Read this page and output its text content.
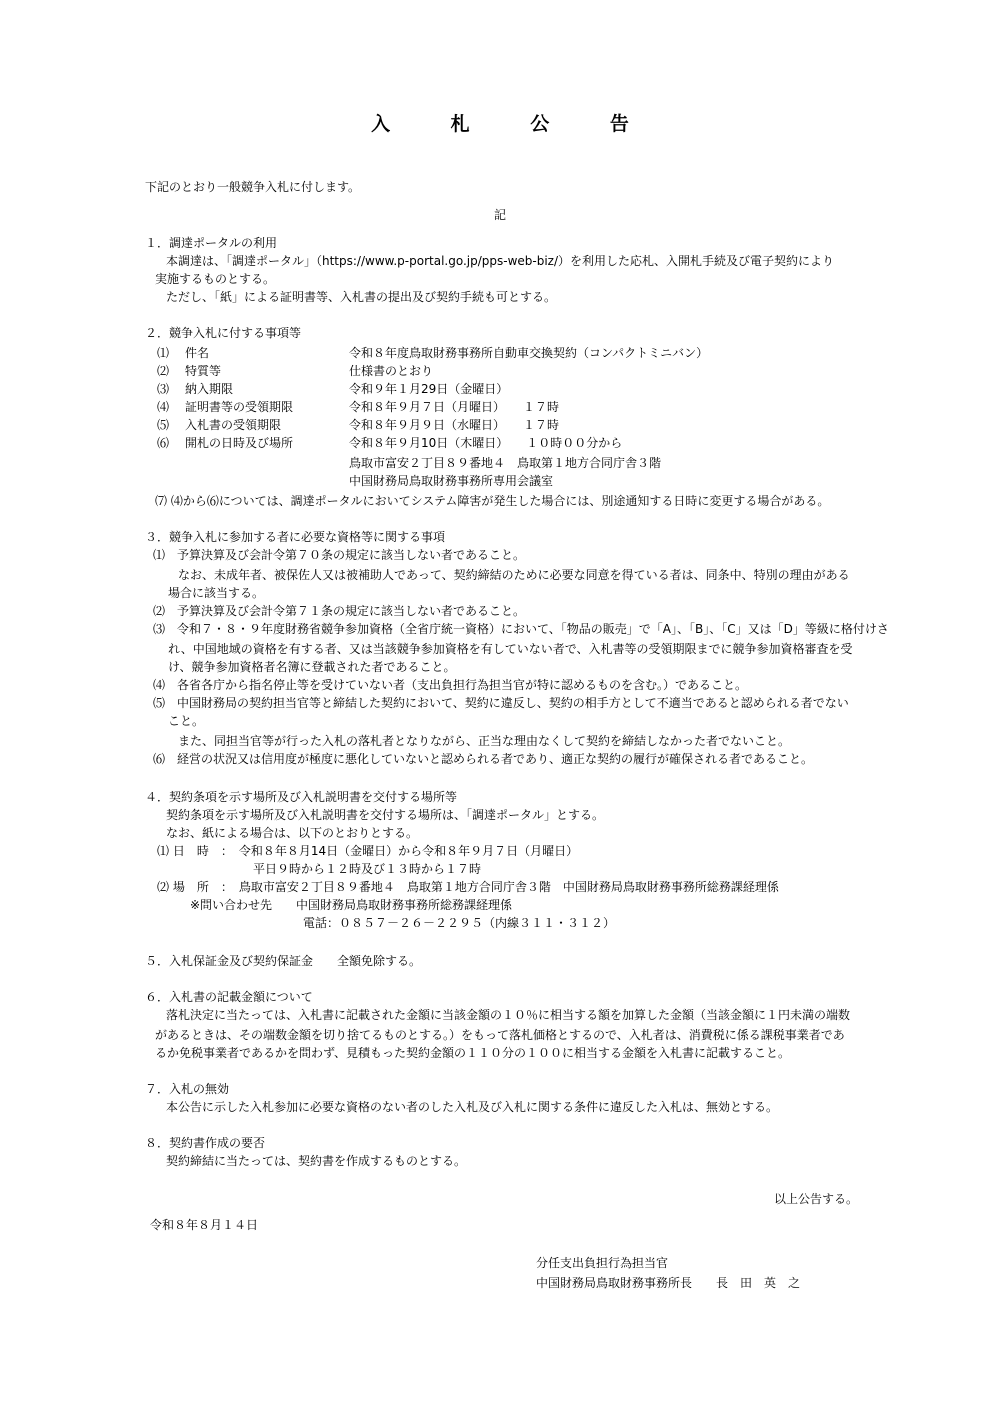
入 札 公 告
下記のとおり一般競争入札に付します。
記
１．調達ポータルの利用
本調達は、「調達ポータル」（https://www.p-portal.go.jp/pps-web-biz/）を利用した応札、入開札手続及び電子契約により
実施するものとする。
ただし、「紙」による証明書等、入札書の提出及び契約手続も可とする。
２．競争入札に付する事項等
⑴ 件名	令和８年度鳥取財務事務所自動車交換契約（コンパクトミニバン）
⑵ 特質等	仕様書のとおり
⑶ 納入期限	令和９年１月29日（金曜日）
⑷ 証明書等の受領期限	令和８年９月７日（月曜日）　　１７時
⑸ 入札書の受領期限	令和８年９月９日（水曜日）　　１７時
⑹ 開札の日時及び場所	令和８年９月10日（木曜日）　　１０時００分から
鳥取市富安２丁目８９番地４　鳥取第１地方合同庁舎３階
中国財務局鳥取財務事務所専用会議室
⑺ ⑷から⑹については、調達ポータルにおいてシステム障害が発生した場合には、別途通知する日時に変更する場合がある。
３．競争入札に参加する者に必要な資格等に関する事項
⑴　予算決算及び会計令第７０条の規定に該当しない者であること。
なお、未成年者、被保佐人又は被補助人であって、契約締結のために必要な同意を得ている者は、同条中、特別の理由がある
場合に該当する。
⑵　予算決算及び会計令第７１条の規定に該当しない者であること。
⑶　令和７・８・９年度財務省競争参加資格（全省庁統一資格）において、「物品の販売」で「A」、「B」、「C」又は「D」等級に格付けさ
れ、中国地域の資格を有する者、又は当該競争参加資格を有していない者で、入札書等の受領期限までに競争参加資格審査を受
け、競争参加資格者名簿に登載された者であること。
⑷　各省各庁から指名停止等を受けていない者（支出負担行為担当官が特に認めるものを含む。）であること。
⑸　中国財務局の契約担当官等と締結した契約において、契約に違反し、契約の相手方として不適当であると認められる者でない
こと。
また、同担当官等が行った入札の落札者となりながら、正当な理由なくして契約を締結しなかった者でないこと。
⑹　経営の状況又は信用度が極度に悪化していないと認められる者であり、適正な契約の履行が確保される者であること。
４．契約条項を示す場所及び入札説明書を交付する場所等
契約条項を示す場所及び入札説明書を交付する場所は、「調達ポータル」とする。
なお、紙による場合は、以下のとおりとする。
⑴ 日　時　：　令和８年８月14日（金曜日）から令和８年９月７日（月曜日）
平日９時から１２時及び１３時から１７時
⑵ 場　所　：　鳥取市富安２丁目８９番地４　鳥取第１地方合同庁舎３階　中国財務局鳥取財務事務所総務課経理係
※問い合わせ先　　中国財務局鳥取財務事務所総務課経理係
電話：０８５７－２６－２２９５（内線３１１・３１２）
５．入札保証金及び契約保証金　　全額免除する。
６．入札書の記載金額について
落札決定に当たっては、入札書に記載された金額に当該金額の１０％に相当する額を加算した金額（当該金額に１円未満の端数
があるときは、その端数金額を切り捨てるものとする。）をもって落札価格とするので、入札者は、消費税に係る課税事業者であ
るか免税事業者であるかを問わず、見積もった契約金額の１１０分の１００に相当する金額を入札書に記載すること。
７．入札の無効
本公告に示した入札参加に必要な資格のない者のした入札及び入札に関する条件に違反した入札は、無効とする。
８．契約書作成の要否
契約締結に当たっては、契約書を作成するものとする。
以上公告する。
令和８年８月１４日
分任支出負担行為担当官
中国財務局鳥取財務事務所長　　長　田　英　之
